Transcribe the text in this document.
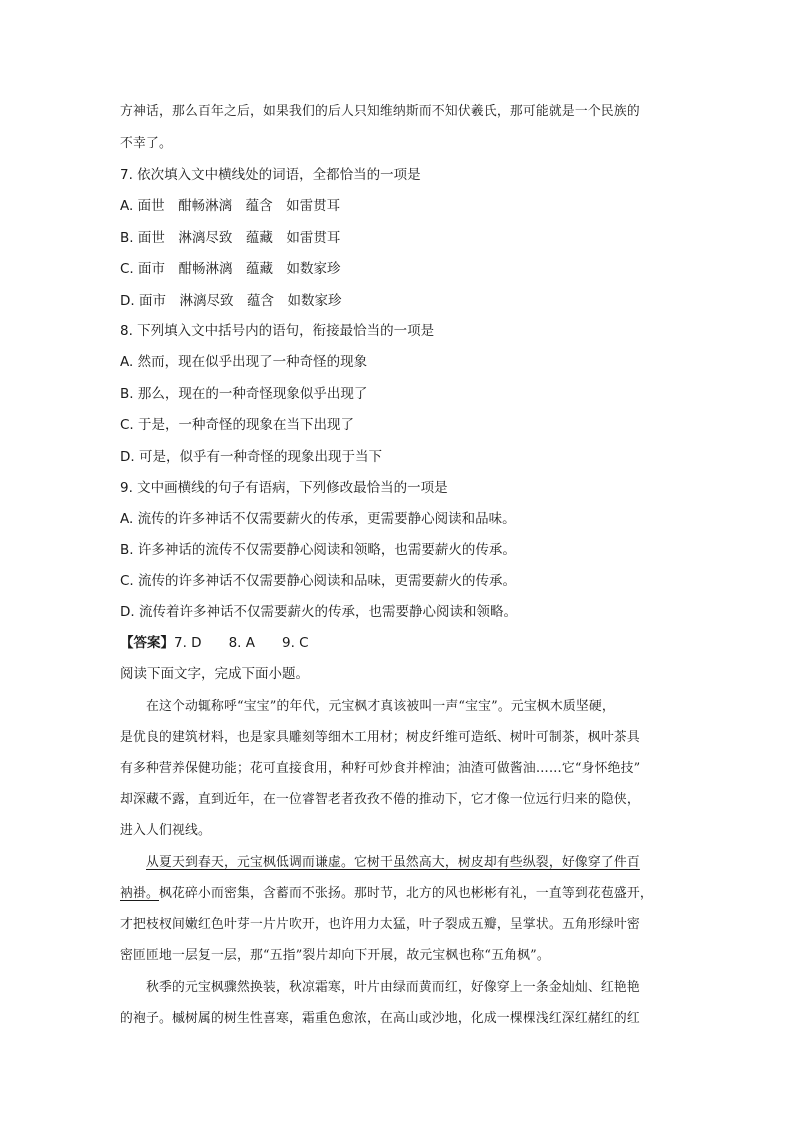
方神话，那么百年之后，如果我们的后人只知维纳斯而不知伏羲氏，那可能就是一个民族的
不幸了。
7. 依次填入文中横线处的词语，全都恰当的一项是
A. 面世　酣畅淋漓　蕴含　如雷贯耳
B. 面世　淋漓尽致　蕴藏　如雷贯耳
C. 面市　酣畅淋漓　蕴藏　如数家珍
D. 面市　淋漓尽致　蕴含　如数家珍
8. 下列填入文中括号内的语句，衔接最恰当的一项是
A. 然而，现在似乎出现了一种奇怪的现象
B. 那么，现在的一种奇怪现象似乎出现了
C. 于是，一种奇怪的现象在当下出现了
D. 可是，似乎有一种奇怪的现象出现于当下
9. 文中画横线的句子有语病，下列修改最恰当的一项是
A. 流传的许多神话不仅需要薪火的传承，更需要静心阅读和品味。
B. 许多神话的流传不仅需要静心阅读和领略，也需要薪火的传承。
C. 流传的许多神话不仅需要静心阅读和品味，更需要薪火的传承。
D. 流传着许多神话不仅需要薪火的传承，也需要静心阅读和领略。
【答案】7. D　　8. A　　9. C
阅读下面文字，完成下面小题。
在这个动辄称呼“宝宝”的年代，元宝枫才真该被叫一声“宝宝”。元宝枫木质坚硬，
是优良的建筑材料，也是家具雕刻等细木工用材；树皮纤维可造纸、树叶可制茶，枫叶茶具
有多种营养保健功能；花可直接食用，种籽可炒食并榨油；油渣可做酱油……它“身怀绝技”
却深藏不露，直到近年，在一位睿智老者孜孜不倦的推动下，它才像一位远行归来的隐侠，
进入人们视线。
从夏天到春天，元宝枫低调而谦虚。它树干虽然高大，树皮却有些纵裂，好像穿了件百
衲褂。枫花碎小而密集，含蓄而不张扬。那时节，北方的风也彬彬有礼，一直等到花苞盛开，
才把枝杈间嫩红色叶芽一片片吹开，也许用力太猛，叶子裂成五瓣，呈掌状。五角形绿叶密
密匝匝地一层复一层，那“五指”裂片却向下开展，故元宝枫也称“五角枫”。
秋季的元宝枫骤然换装，秋凉霜寒，叶片由绿而黄而红，好像穿上一条金灿灿、红艳艳
的袍子。槭树属的树生性喜寒，霜重色愈浓，在高山或沙地，化成一棵棵浅红深红赭红的红
